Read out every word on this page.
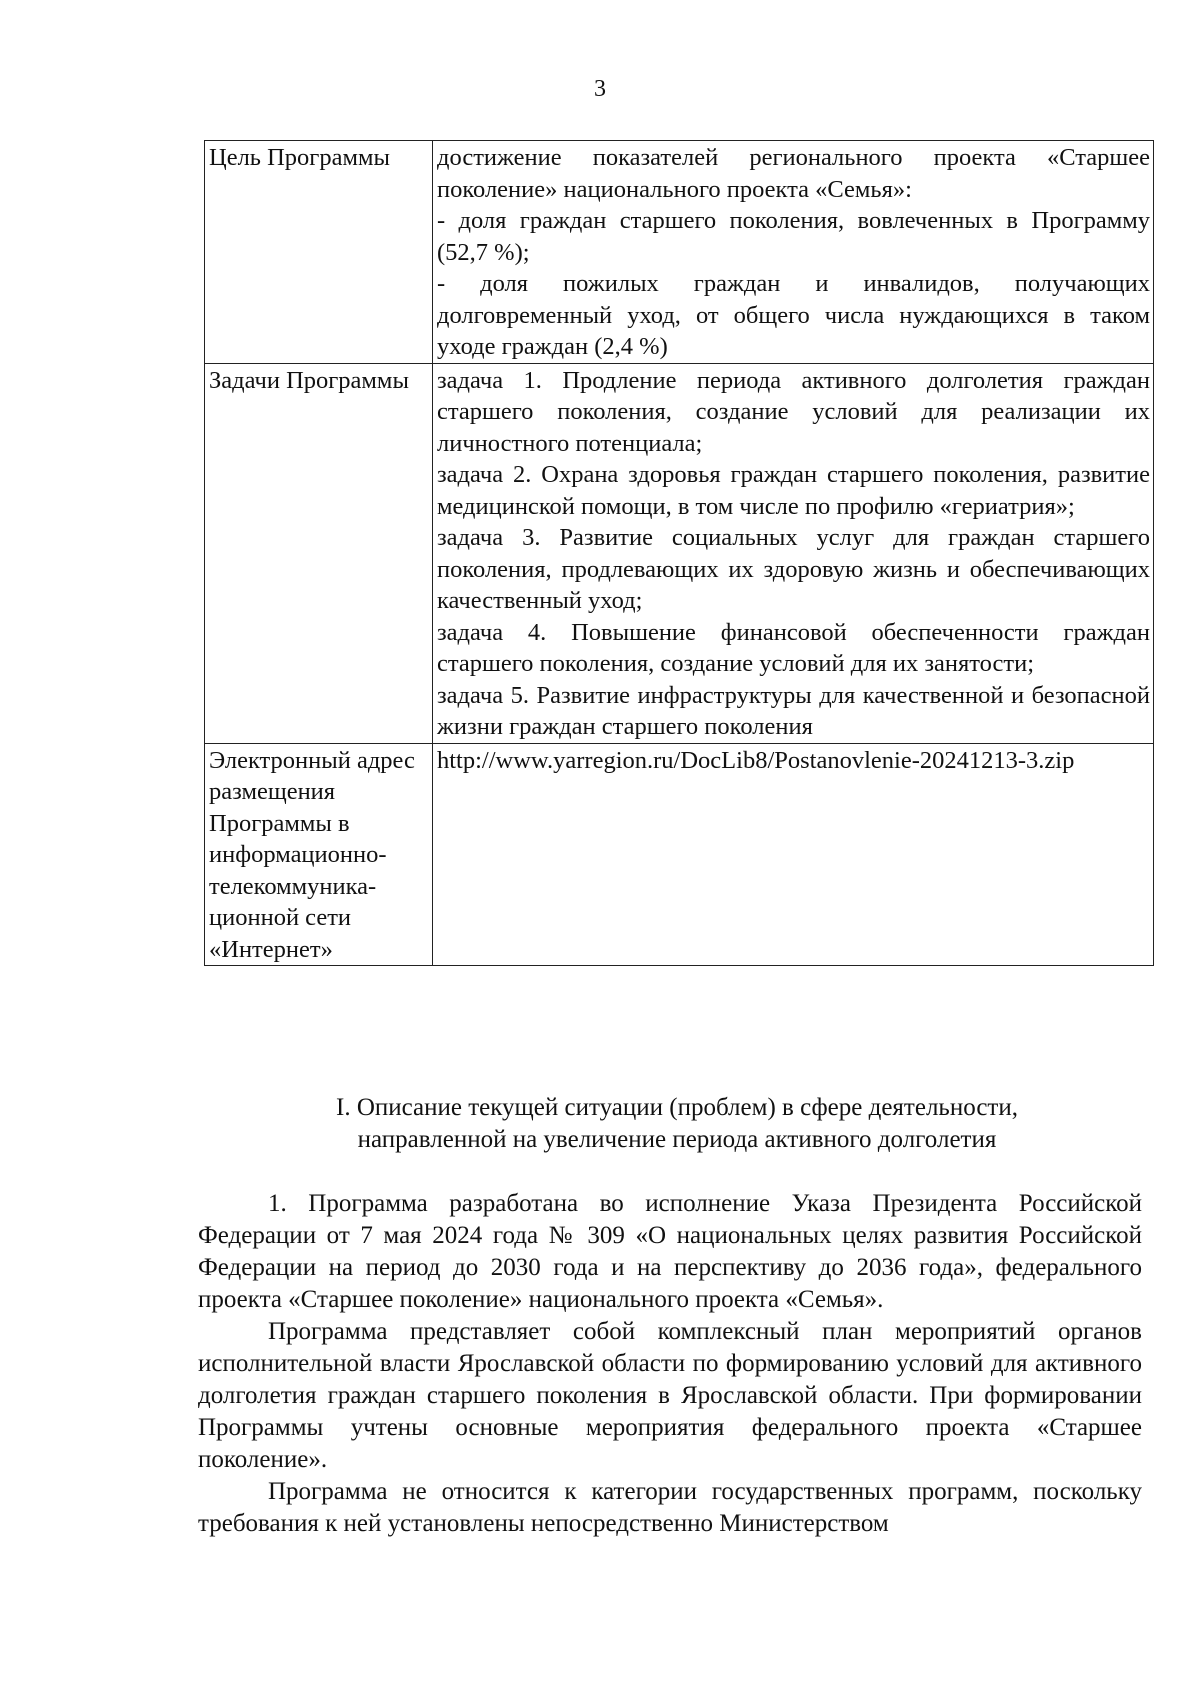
3
Цель Программы	достижение показателей регионального проекта «Старшее поколение» национального проекта «Семья»:
- доля граждан старшего поколения, вовлеченных в Программу (52,7 %);
- доля пожилых граждан и инвалидов, получающих долговременный уход, от общего числа нуждающихся в таком уходе граждан (2,4 %)

Задачи Программы	задача 1. Продление периода активного долголетия граждан старшего поколения, создание условий для реализации их личностного потенциала;
задача 2. Охрана здоровья граждан старшего поколения, развитие медицинской помощи, в том числе по профилю «гериатрия»;
задача 3. Развитие социальных услуг для граждан старшего поколения, продлевающих их здоровую жизнь и обеспечивающих качественный уход;
задача 4. Повышение финансовой обеспеченности граждан старшего поколения, создание условий для их занятости;
задача 5. Развитие инфраструктуры для качественной и безопасной жизни граждан старшего поколения

Электронный адрес размещения Программы в информационно-телекоммуника-ционной сети «Интернет»	http://www.yarregion.ru/DocLib8/Postanovlenie-20241213-3.zip
I. Описание текущей ситуации (проблем) в сфере деятельности,
направленной на увеличение периода активного долголетия

1. Программа разработана во исполнение Указа Президента Российской Федерации от 7 мая 2024 года № 309 «О национальных целях развития Российской Федерации на период до 2030 года и на перспективу до 2036 года», федерального проекта «Старшее поколение» национального проекта «Семья».

Программа представляет собой комплексный план мероприятий органов исполнительной власти Ярославской области по формированию условий для активного долголетия граждан старшего поколения в Ярославской области. При формировании Программы учтены основные мероприятия федерального проекта «Старшее поколение».

Программа не относится к категории государственных программ, поскольку требования к ней установлены непосредственно Министерством
